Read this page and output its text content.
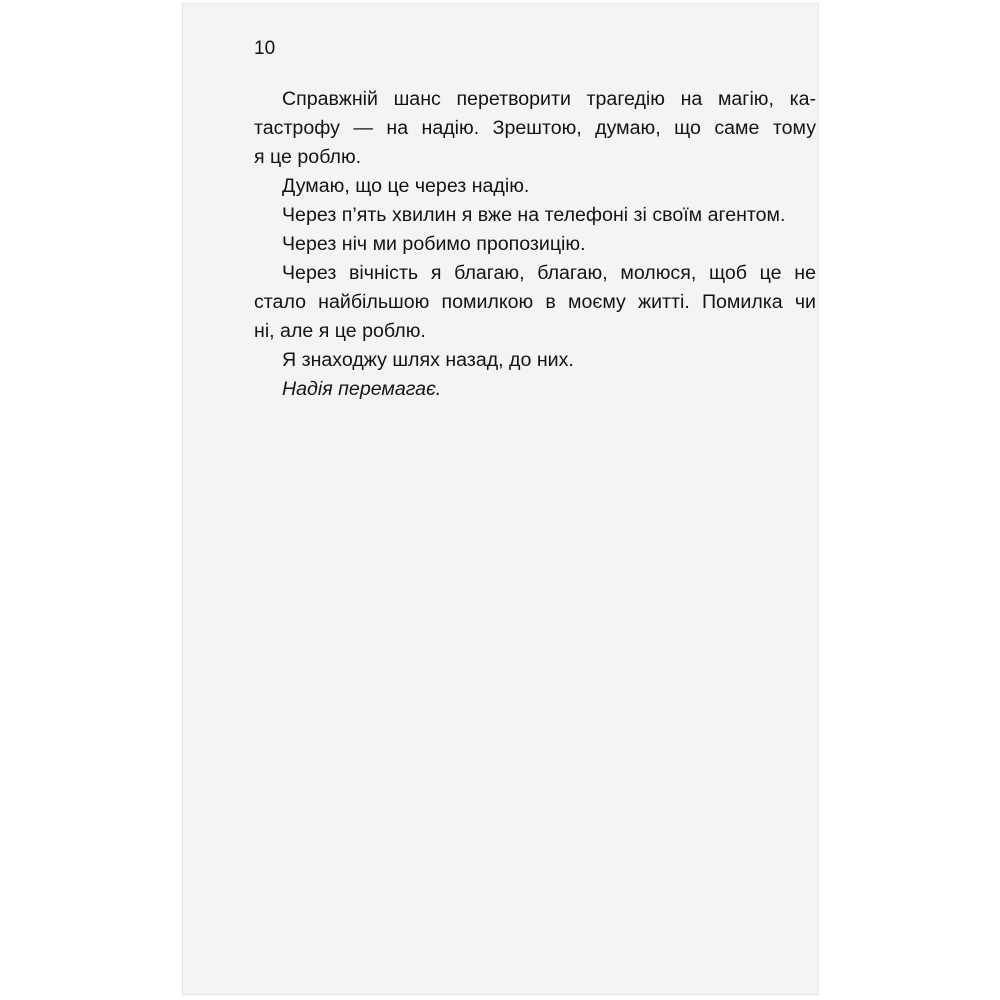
10

Справжній шанс перетворити трагедію на магію, ка-

тастрофу — на надію. Зрештою, думаю, що саме тому

я це роблю.

Думаю, що це через надію.

Через п’ять хвилин я вже на телефоні зі своїм агентом.

Через ніч ми робимо пропозицію.

Через вічність я благаю, благаю, молюся, щоб це не

стало найбільшою помилкою в моєму житті. Помилка чи

ні, але я це роблю.

Я знаходжу шлях назад, до них.

Надія перемагає.
